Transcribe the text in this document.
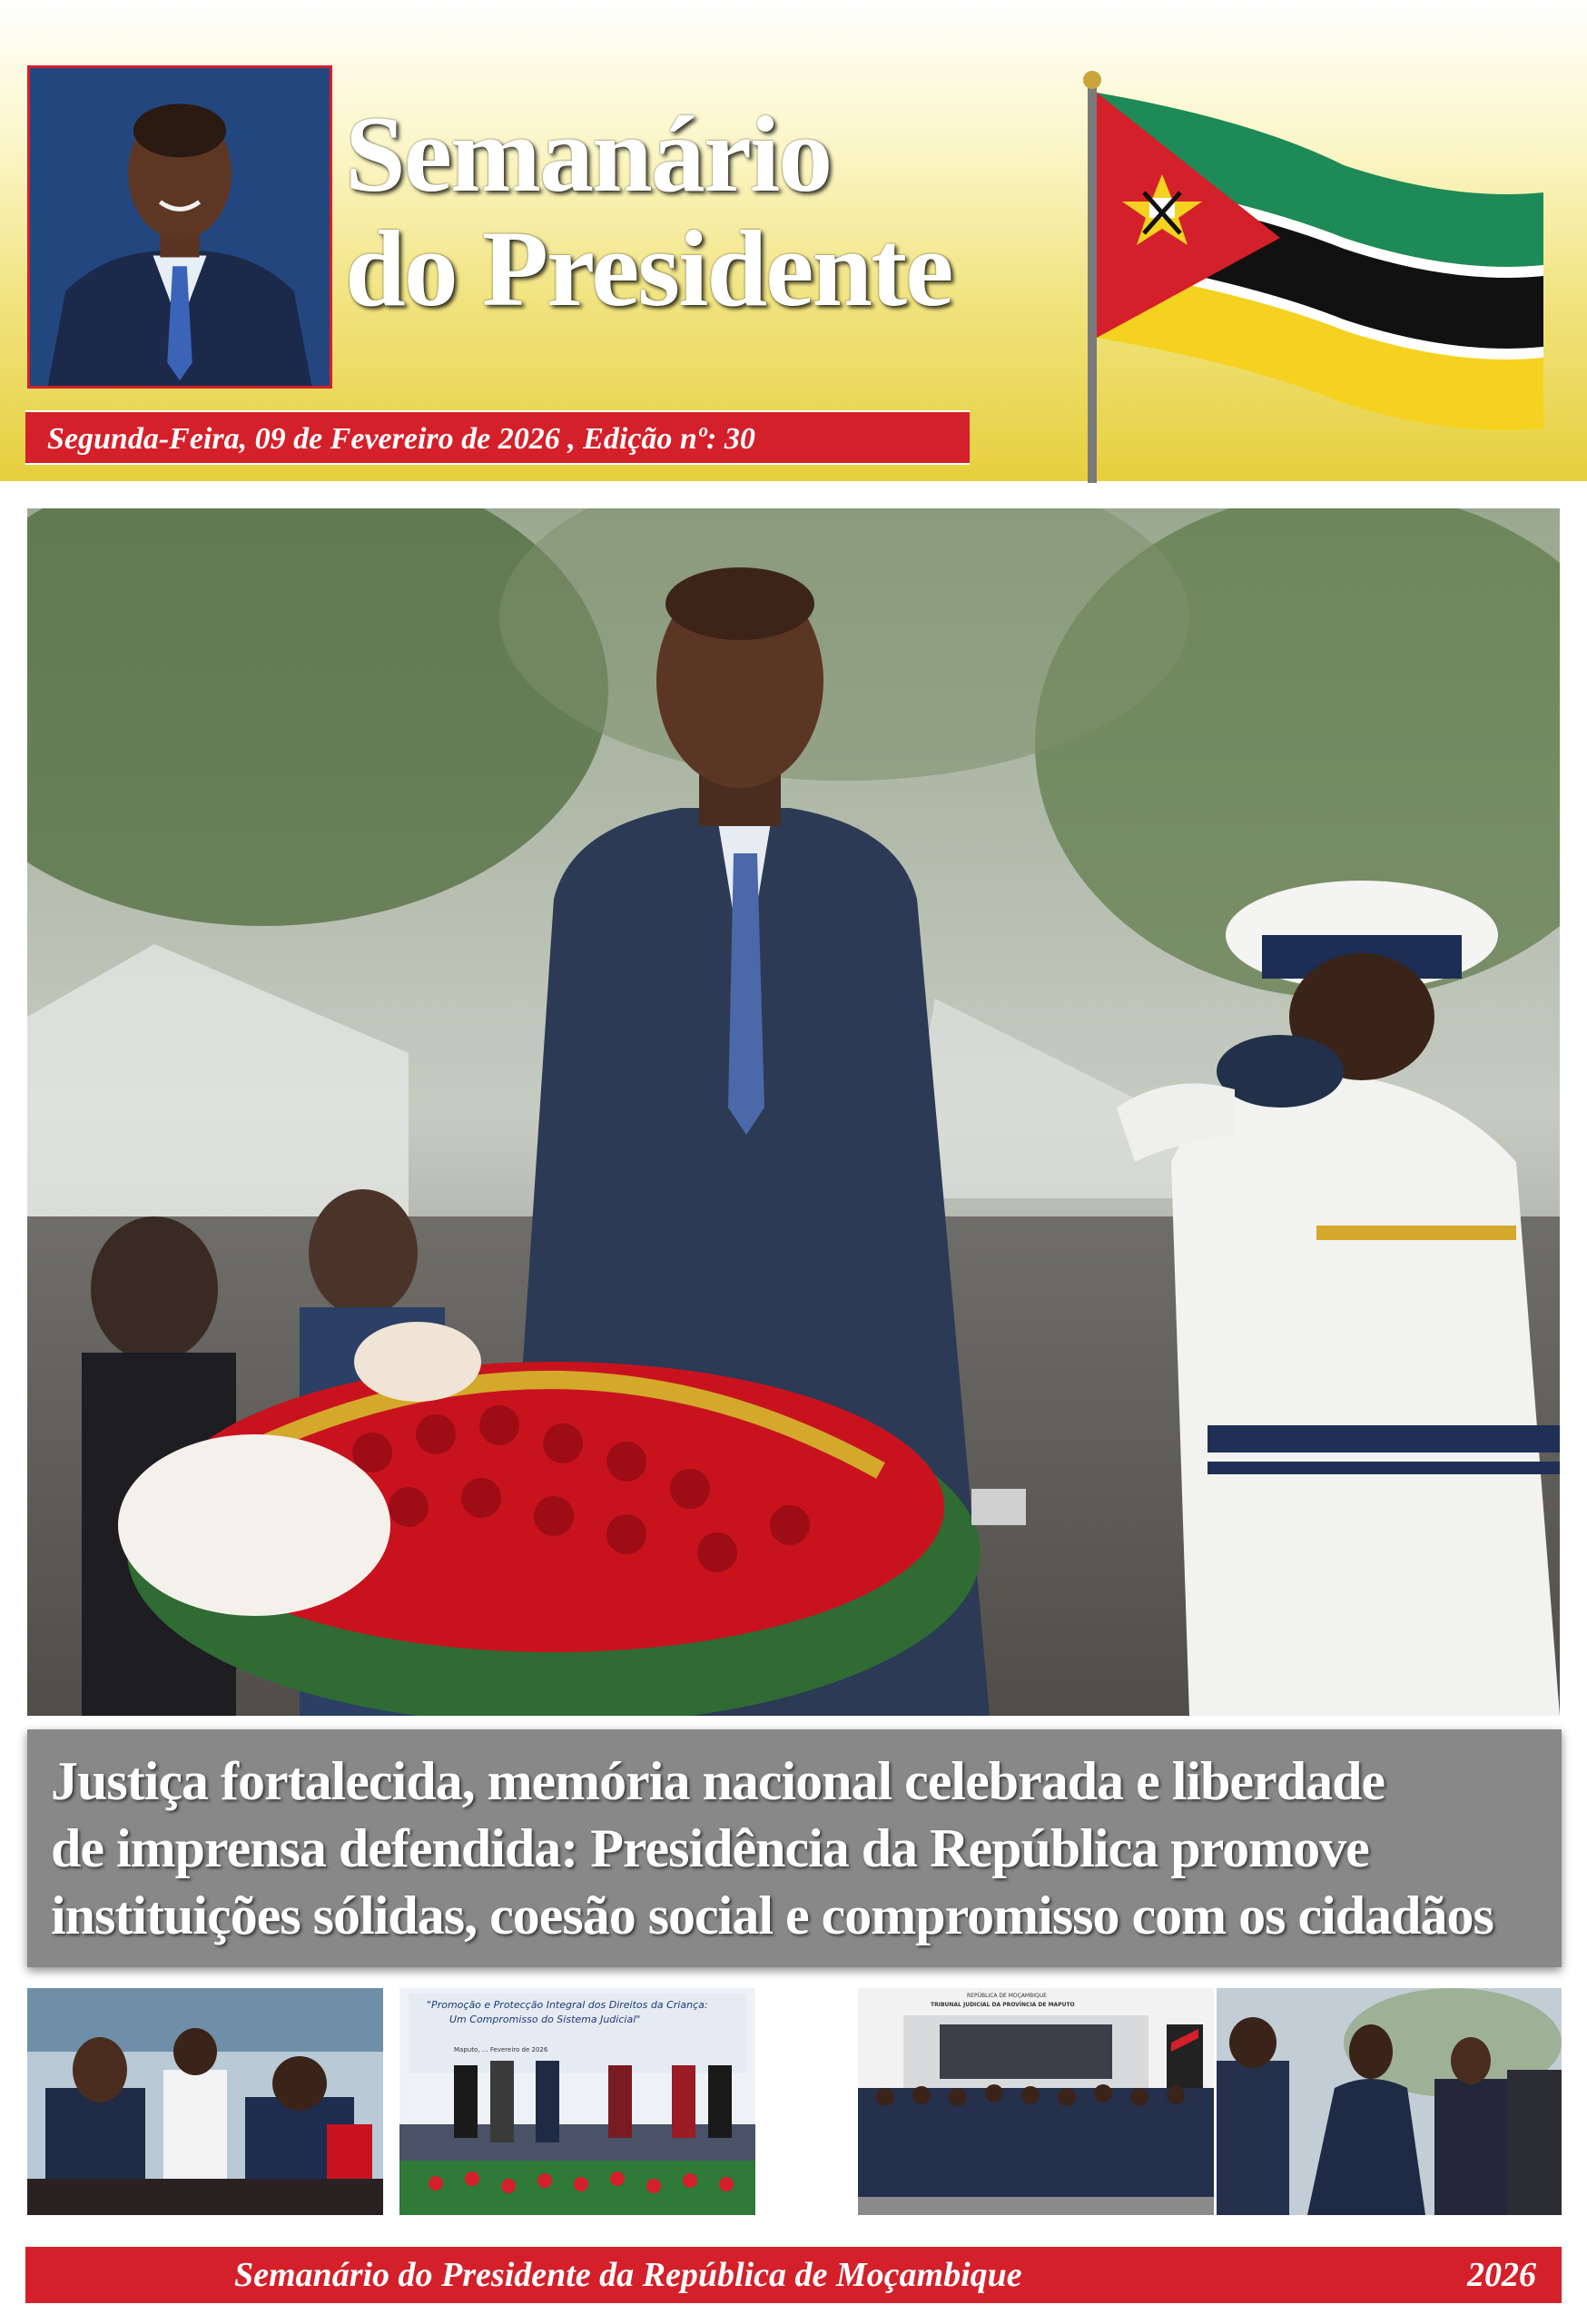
Semanário
do Presidente
Segunda-Feira, 09 de Fevereiro de 2026 , Edição nº: 30
Justiça fortalecida, memória nacional celebrada e liberdade
de imprensa defendida: Presidência da República promove
instituições sólidas, coesão social e compromisso com os cidadãos
"Promoção e Protecção Integral dos Direitos da Criança:
Um Compromisso do Sistema Judicial"
Maputo, … Fevereiro de 2026
REPÚBLICA DE MOÇAMBIQUE
TRIBUNAL JUDICIAL DA PROVÍNCIA DE MAPUTO
Semanário do Presidente da República de Moçambique	2026
